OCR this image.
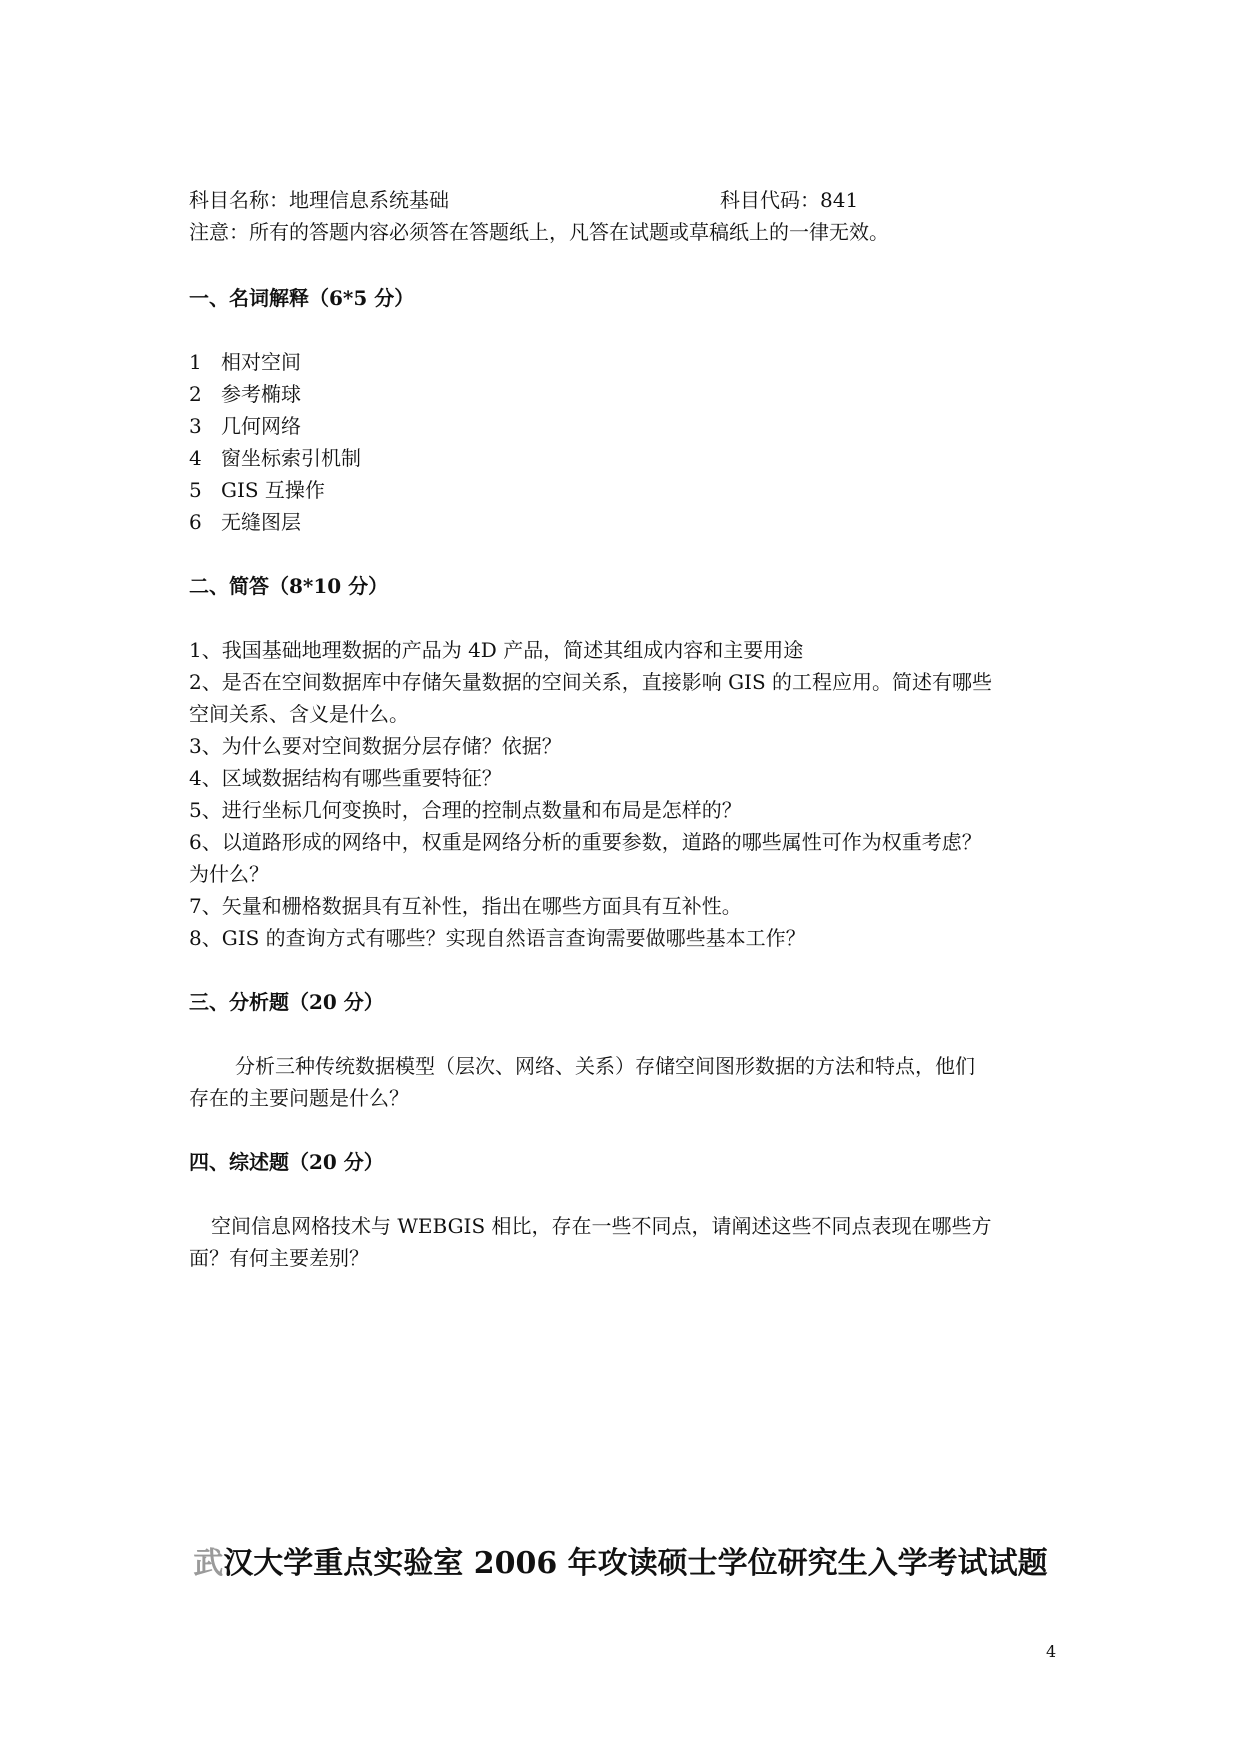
科目名称：地理信息系统基础	科目代码：841
注意：所有的答题内容必须答在答题纸上，凡答在试题或草稿纸上的一律无效。
一、名词解释（6*5 分）
1 相对空间
2 参考椭球
3 几何网络
4 窗坐标索引机制
5 GIS 互操作
6 无缝图层
二、简答（8*10 分）
1、我国基础地理数据的产品为 4D 产品，简述其组成内容和主要用途
2、是否在空间数据库中存储矢量数据的空间关系，直接影响 GIS 的工程应用。简述有哪些
空间关系、含义是什么。
3、为什么要对空间数据分层存储？依据？
4、区域数据结构有哪些重要特征？
5、进行坐标几何变换时，合理的控制点数量和布局是怎样的？
6、以道路形成的网络中，权重是网络分析的重要参数，道路的哪些属性可作为权重考虑？
为什么？
7、矢量和栅格数据具有互补性，指出在哪些方面具有互补性。
8、GIS 的查询方式有哪些？实现自然语言查询需要做哪些基本工作？
三、分析题（20 分）
分析三种传统数据模型（层次、网络、关系）存储空间图形数据的方法和特点，他们
存在的主要问题是什么？
四、综述题（20 分）
空间信息网格技术与 WEBGIS 相比，存在一些不同点，请阐述这些不同点表现在哪些方
面？有何主要差别？
武汉大学重点实验室 2006 年攻读硕士学位研究生入学考试试题
4
